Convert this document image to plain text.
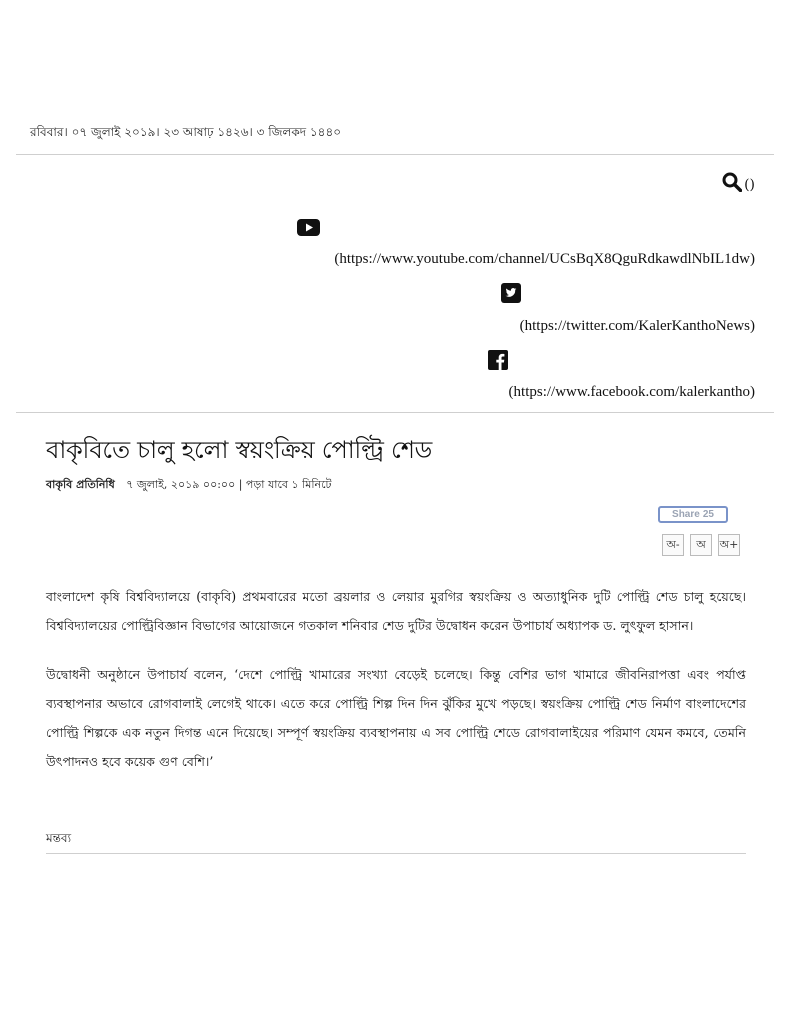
রবিবার। ০৭ জুলাই ২০১৯। ২৩ আষাঢ় ১৪২৬। ৩ জিলকদ ১৪৪০
()
(https://www.youtube.com/channel/UCsBqX8QguRdkawdlNbIL1dw)
(https://twitter.com/KalerKanthoNews)
(https://www.facebook.com/kalerkantho)
বাকৃবিতে চালু হলো স্বয়ংক্রিয় পোল্ট্রি শেড
বাকৃবি প্রতিনিধি ৭ জুলাই, ২০১৯ ০০:০০ | পড়া যাবে ১ মিনিটে
Share 25
অ-	অ	অ+

বাংলাদেশ কৃষি বিশ্ববিদ্যালয়ে (বাকৃবি) প্রথমবারের মতো ব্রয়লার ও লেয়ার মুরগির স্বয়ংক্রিয় ও অত্যাধুনিক দুটি পোল্ট্রি শেড চালু হয়েছে। বিশ্ববিদ্যালয়ের পোল্ট্রিবিজ্ঞান বিভাগের আয়োজনে গতকাল শনিবার শেড দুটির উদ্বোধন করেন উপাচার্য অধ্যাপক ড. লুৎফুল হাসান।

উদ্বোধনী অনুষ্ঠানে উপাচার্য বলেন, ‘দেশে পোল্ট্রি খামারের সংখ্যা বেড়েই চলেছে। কিন্তু বেশির ভাগ খামারে জীবনিরাপত্তা এবং পর্যাপ্ত ব্যবস্থাপনার অভাবে রোগবালাই লেগেই থাকে। এতে করে পোল্ট্রি শিল্প দিন দিন ঝুঁকির মুখে পড়ছে। স্বয়ংক্রিয় পোল্ট্রি শেড নির্মাণ বাংলাদেশের পোল্ট্রি শিল্পকে এক নতুন দিগন্ত এনে দিয়েছে। সম্পূর্ণ স্বয়ংক্রিয় ব্যবস্থাপনায় এ সব পোল্ট্রি শেডে রোগবালাইয়ের পরিমাণ যেমন কমবে, তেমনি উৎপাদনও হবে কয়েক গুণ বেশি।’

মন্তব্য
